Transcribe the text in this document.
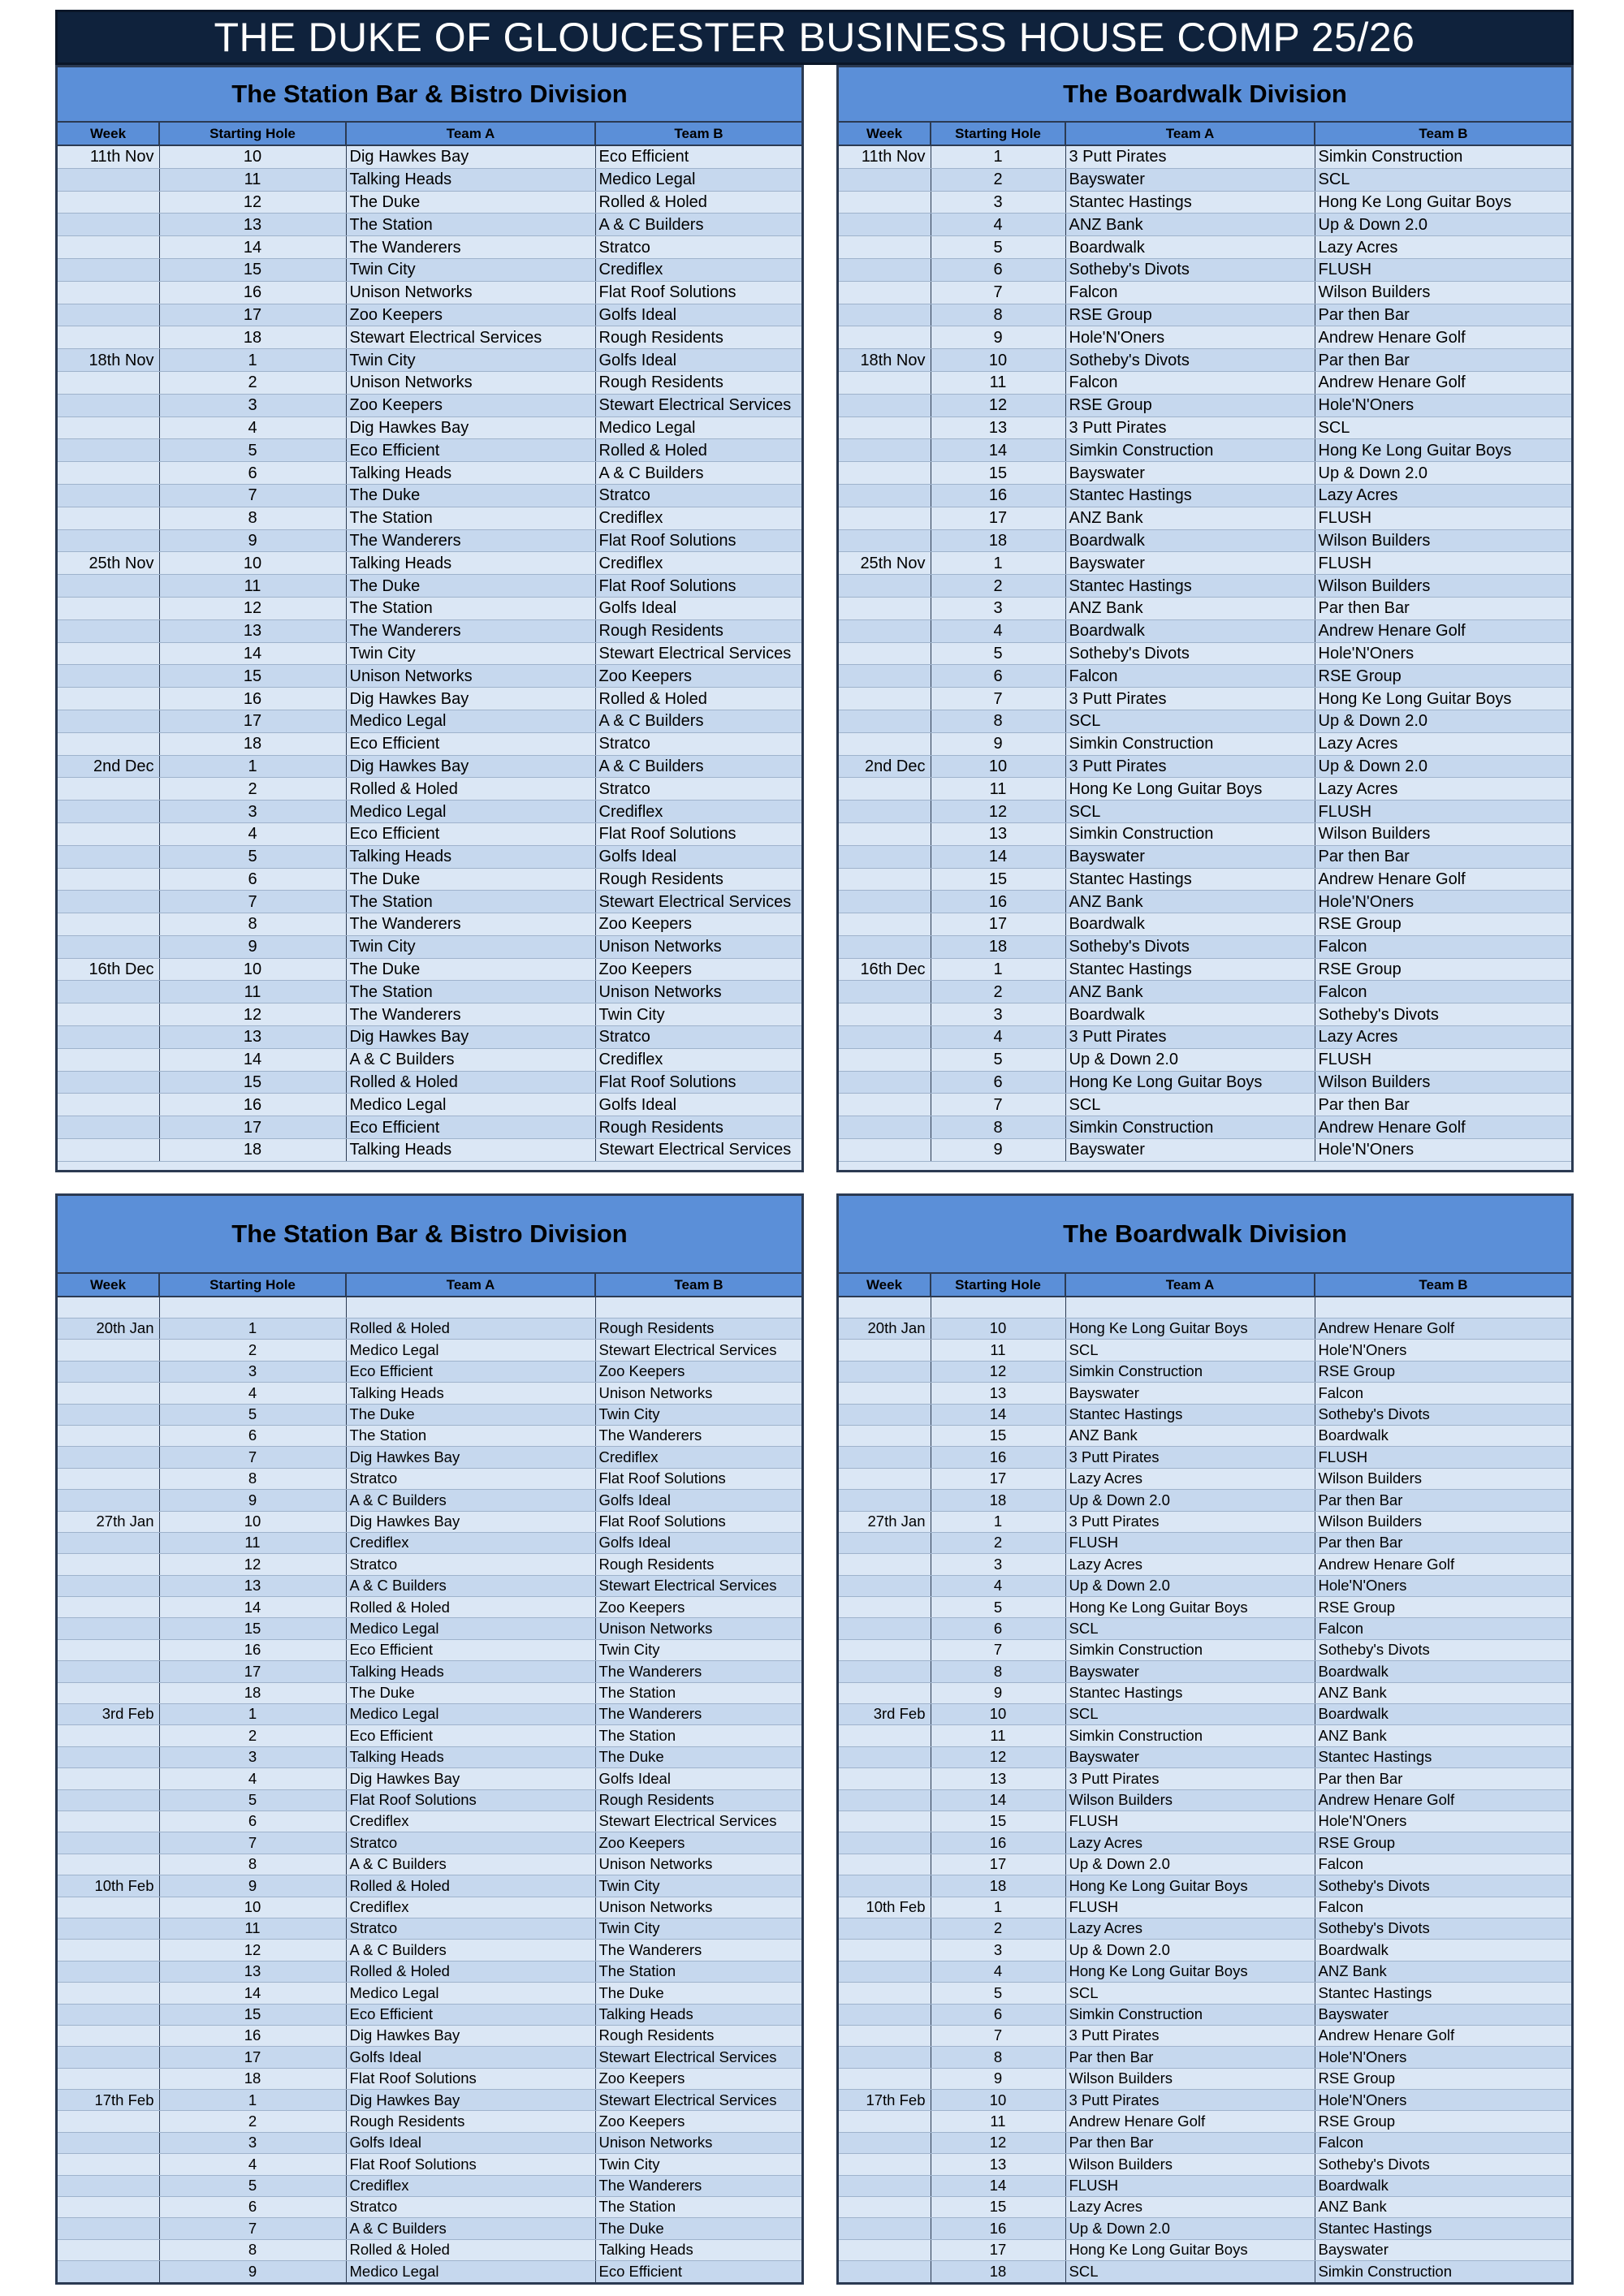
THE DUKE OF GLOUCESTER BUSINESS HOUSE COMP 25/26
The Station Bar & Bistro Division
Week	Starting Hole	Team A	Team B
11th Nov	10	Dig Hawkes Bay	Eco Efficient
	11	Talking Heads	Medico Legal
	12	The Duke	Rolled & Holed
	13	The Station	A & C Builders
	14	The Wanderers	Stratco
	15	Twin City	Crediflex
	16	Unison Networks	Flat Roof Solutions
	17	Zoo Keepers	Golfs Ideal
	18	Stewart Electrical Services	Rough Residents
18th Nov	1	Twin City	Golfs Ideal
	2	Unison Networks	Rough Residents
	3	Zoo Keepers	Stewart Electrical Services
	4	Dig Hawkes Bay	Medico Legal
	5	Eco Efficient	Rolled & Holed
	6	Talking Heads	A & C Builders
	7	The Duke	Stratco
	8	The Station	Crediflex
	9	The Wanderers	Flat Roof Solutions
25th Nov	10	Talking Heads	Crediflex
	11	The Duke	Flat Roof Solutions
	12	The Station	Golfs Ideal
	13	The Wanderers	Rough Residents
	14	Twin City	Stewart Electrical Services
	15	Unison Networks	Zoo Keepers
	16	Dig Hawkes Bay	Rolled & Holed
	17	Medico Legal	A & C Builders
	18	Eco Efficient	Stratco
2nd Dec	1	Dig Hawkes Bay	A & C Builders
	2	Rolled & Holed	Stratco
	3	Medico Legal	Crediflex
	4	Eco Efficient	Flat Roof Solutions
	5	Talking Heads	Golfs Ideal
	6	The Duke	Rough Residents
	7	The Station	Stewart Electrical Services
	8	The Wanderers	Zoo Keepers
	9	Twin City	Unison Networks
16th Dec	10	The Duke	Zoo Keepers
	11	The Station	Unison Networks
	12	The Wanderers	Twin City
	13	Dig Hawkes Bay	Stratco
	14	A & C Builders	Crediflex
	15	Rolled & Holed	Flat Roof Solutions
	16	Medico Legal	Golfs Ideal
	17	Eco Efficient	Rough Residents
	18	Talking Heads	Stewart Electrical Services
The Boardwalk Division
Week	Starting Hole	Team A	Team B
11th Nov	1	3 Putt Pirates	Simkin Construction
	2	Bayswater	SCL
	3	Stantec Hastings	Hong Ke Long Guitar Boys
	4	ANZ Bank	Up & Down 2.0
	5	Boardwalk	Lazy Acres
	6	Sotheby's Divots	FLUSH
	7	Falcon	Wilson Builders
	8	RSE Group	Par then Bar
	9	Hole'N'Oners	Andrew Henare Golf
18th Nov	10	Sotheby's Divots	Par then Bar
	11	Falcon	Andrew Henare Golf
	12	RSE Group	Hole'N'Oners
	13	3 Putt Pirates	SCL
	14	Simkin Construction	Hong Ke Long Guitar Boys
	15	Bayswater	Up & Down 2.0
	16	Stantec Hastings	Lazy Acres
	17	ANZ Bank	FLUSH
	18	Boardwalk	Wilson Builders
25th Nov	1	Bayswater	FLUSH
	2	Stantec Hastings	Wilson Builders
	3	ANZ Bank	Par then Bar
	4	Boardwalk	Andrew Henare Golf
	5	Sotheby's Divots	Hole'N'Oners
	6	Falcon	RSE Group
	7	3 Putt Pirates	Hong Ke Long Guitar Boys
	8	SCL	Up & Down 2.0
	9	Simkin Construction	Lazy Acres
2nd Dec	10	3 Putt Pirates	Up & Down 2.0
	11	Hong Ke Long Guitar Boys	Lazy Acres
	12	SCL	FLUSH
	13	Simkin Construction	Wilson Builders
	14	Bayswater	Par then Bar
	15	Stantec Hastings	Andrew Henare Golf
	16	ANZ Bank	Hole'N'Oners
	17	Boardwalk	RSE Group
	18	Sotheby's Divots	Falcon
16th Dec	1	Stantec Hastings	RSE Group
	2	ANZ Bank	Falcon
	3	Boardwalk	Sotheby's Divots
	4	3 Putt Pirates	Lazy Acres
	5	Up & Down 2.0	FLUSH
	6	Hong Ke Long Guitar Boys	Wilson Builders
	7	SCL	Par then Bar
	8	Simkin Construction	Andrew Henare Golf
	9	Bayswater	Hole'N'Oners
The Station Bar & Bistro Division
Week	Starting Hole	Team A	Team B

20th Jan	1	Rolled & Holed	Rough Residents
	2	Medico Legal	Stewart Electrical Services
	3	Eco Efficient	Zoo Keepers
	4	Talking Heads	Unison Networks
	5	The Duke	Twin City
	6	The Station	The Wanderers
	7	Dig Hawkes Bay	Crediflex
	8	Stratco	Flat Roof Solutions
	9	A & C Builders	Golfs Ideal
27th Jan	10	Dig Hawkes Bay	Flat Roof Solutions
	11	Crediflex	Golfs Ideal
	12	Stratco	Rough Residents
	13	A & C Builders	Stewart Electrical Services
	14	Rolled & Holed	Zoo Keepers
	15	Medico Legal	Unison Networks
	16	Eco Efficient	Twin City
	17	Talking Heads	The Wanderers
	18	The Duke	The Station
3rd Feb	1	Medico Legal	The Wanderers
	2	Eco Efficient	The Station
	3	Talking Heads	The Duke
	4	Dig Hawkes Bay	Golfs Ideal
	5	Flat Roof Solutions	Rough Residents
	6	Crediflex	Stewart Electrical Services
	7	Stratco	Zoo Keepers
	8	A & C Builders	Unison Networks
10th Feb	9	Rolled & Holed	Twin City
	10	Crediflex	Unison Networks
	11	Stratco	Twin City
	12	A & C Builders	The Wanderers
	13	Rolled & Holed	The Station
	14	Medico Legal	The Duke
	15	Eco Efficient	Talking Heads
	16	Dig Hawkes Bay	Rough Residents
	17	Golfs Ideal	Stewart Electrical Services
	18	Flat Roof Solutions	Zoo Keepers
17th Feb	1	Dig Hawkes Bay	Stewart Electrical Services
	2	Rough Residents	Zoo Keepers
	3	Golfs Ideal	Unison Networks
	4	Flat Roof Solutions	Twin City
	5	Crediflex	The Wanderers
	6	Stratco	The Station
	7	A & C Builders	The Duke
	8	Rolled & Holed	Talking Heads
	9	Medico Legal	Eco Efficient
The Boardwalk Division
Week	Starting Hole	Team A	Team B

20th Jan	10	Hong Ke Long Guitar Boys	Andrew Henare Golf
	11	SCL	Hole'N'Oners
	12	Simkin Construction	RSE Group
	13	Bayswater	Falcon
	14	Stantec Hastings	Sotheby's Divots
	15	ANZ Bank	Boardwalk
	16	3 Putt Pirates	FLUSH
	17	Lazy Acres	Wilson Builders
	18	Up & Down 2.0	Par then Bar
27th Jan	1	3 Putt Pirates	Wilson Builders
	2	FLUSH	Par then Bar
	3	Lazy Acres	Andrew Henare Golf
	4	Up & Down 2.0	Hole'N'Oners
	5	Hong Ke Long Guitar Boys	RSE Group
	6	SCL	Falcon
	7	Simkin Construction	Sotheby's Divots
	8	Bayswater	Boardwalk
	9	Stantec Hastings	ANZ Bank
3rd Feb	10	SCL	Boardwalk
	11	Simkin Construction	ANZ Bank
	12	Bayswater	Stantec Hastings
	13	3 Putt Pirates	Par then Bar
	14	Wilson Builders	Andrew Henare Golf
	15	FLUSH	Hole'N'Oners
	16	Lazy Acres	RSE Group
	17	Up & Down 2.0	Falcon
	18	Hong Ke Long Guitar Boys	Sotheby's Divots
10th Feb	1	FLUSH	Falcon
	2	Lazy Acres	Sotheby's Divots
	3	Up & Down 2.0	Boardwalk
	4	Hong Ke Long Guitar Boys	ANZ Bank
	5	SCL	Stantec Hastings
	6	Simkin Construction	Bayswater
	7	3 Putt Pirates	Andrew Henare Golf
	8	Par then Bar	Hole'N'Oners
	9	Wilson Builders	RSE Group
17th Feb	10	3 Putt Pirates	Hole'N'Oners
	11	Andrew Henare Golf	RSE Group
	12	Par then Bar	Falcon
	13	Wilson Builders	Sotheby's Divots
	14	FLUSH	Boardwalk
	15	Lazy Acres	ANZ Bank
	16	Up & Down 2.0	Stantec Hastings
	17	Hong Ke Long Guitar Boys	Bayswater
	18	SCL	Simkin Construction
